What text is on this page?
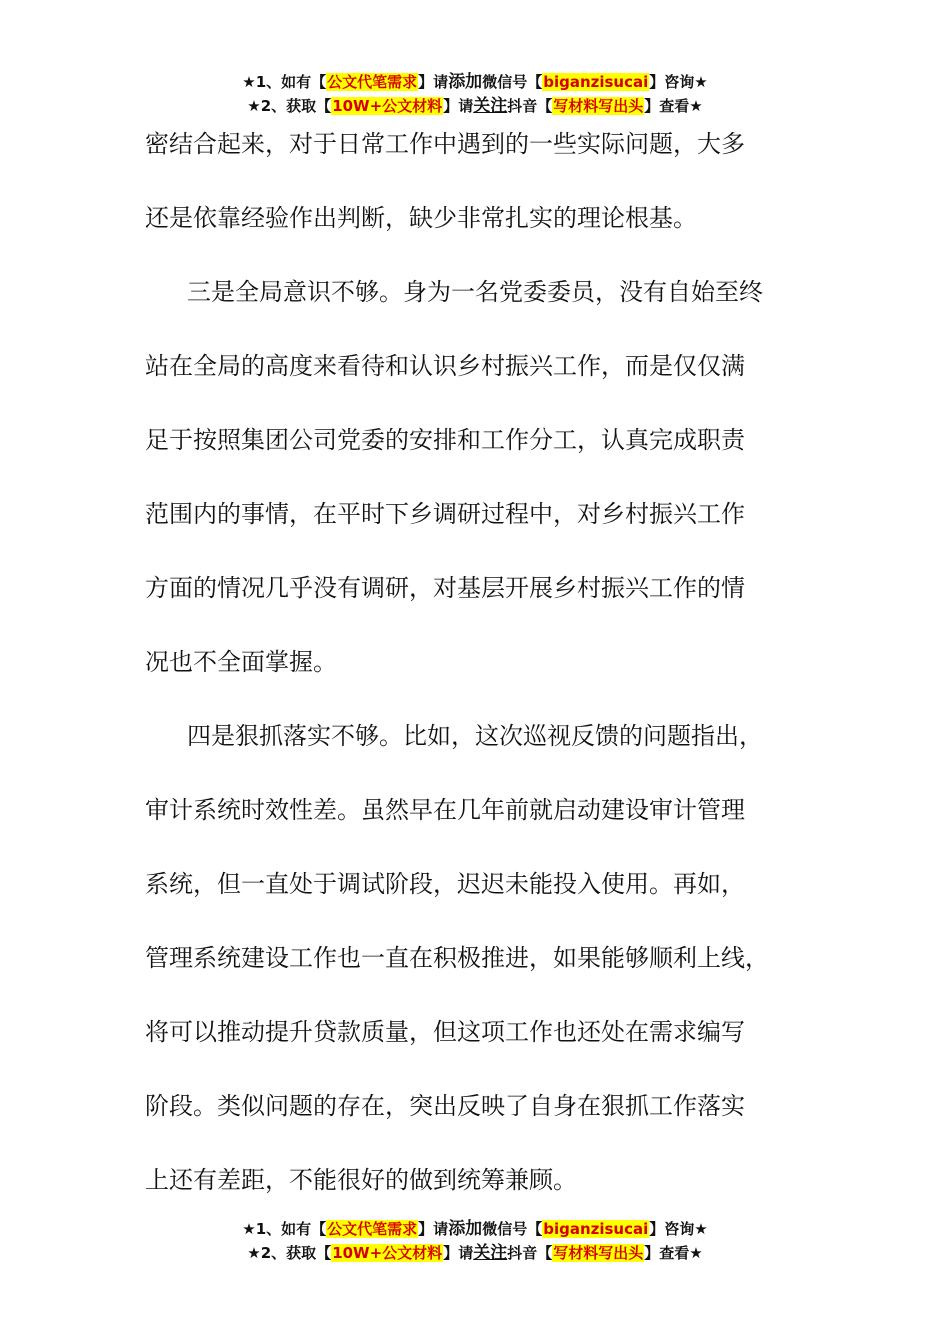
★1、如有【公文代笔需求】请添加微信号【biganzisucai】咨询★
★2、获取【10W+公文材料】请关注抖音【写材料写出头】查看★
密结合起来，对于日常工作中遇到的一些实际问题，大多
还是依靠经验作出判断，缺少非常扎实的理论根基。
三是全局意识不够。身为一名党委委员，没有自始至终
站在全局的高度来看待和认识乡村振兴工作，而是仅仅满
足于按照集团公司党委的安排和工作分工，认真完成职责
范围内的事情，在平时下乡调研过程中，对乡村振兴工作
方面的情况几乎没有调研，对基层开展乡村振兴工作的情
况也不全面掌握。
四是狠抓落实不够。比如，这次巡视反馈的问题指出，
审计系统时效性差。虽然早在几年前就启动建设审计管理
系统，但一直处于调试阶段，迟迟未能投入使用。再如，
管理系统建设工作也一直在积极推进，如果能够顺利上线，
将可以推动提升贷款质量，但这项工作也还处在需求编写
阶段。类似问题的存在，突出反映了自身在狠抓工作落实
上还有差距，不能很好的做到统筹兼顾。
★1、如有【公文代笔需求】请添加微信号【biganzisucai】咨询★
★2、获取【10W+公文材料】请关注抖音【写材料写出头】查看★
